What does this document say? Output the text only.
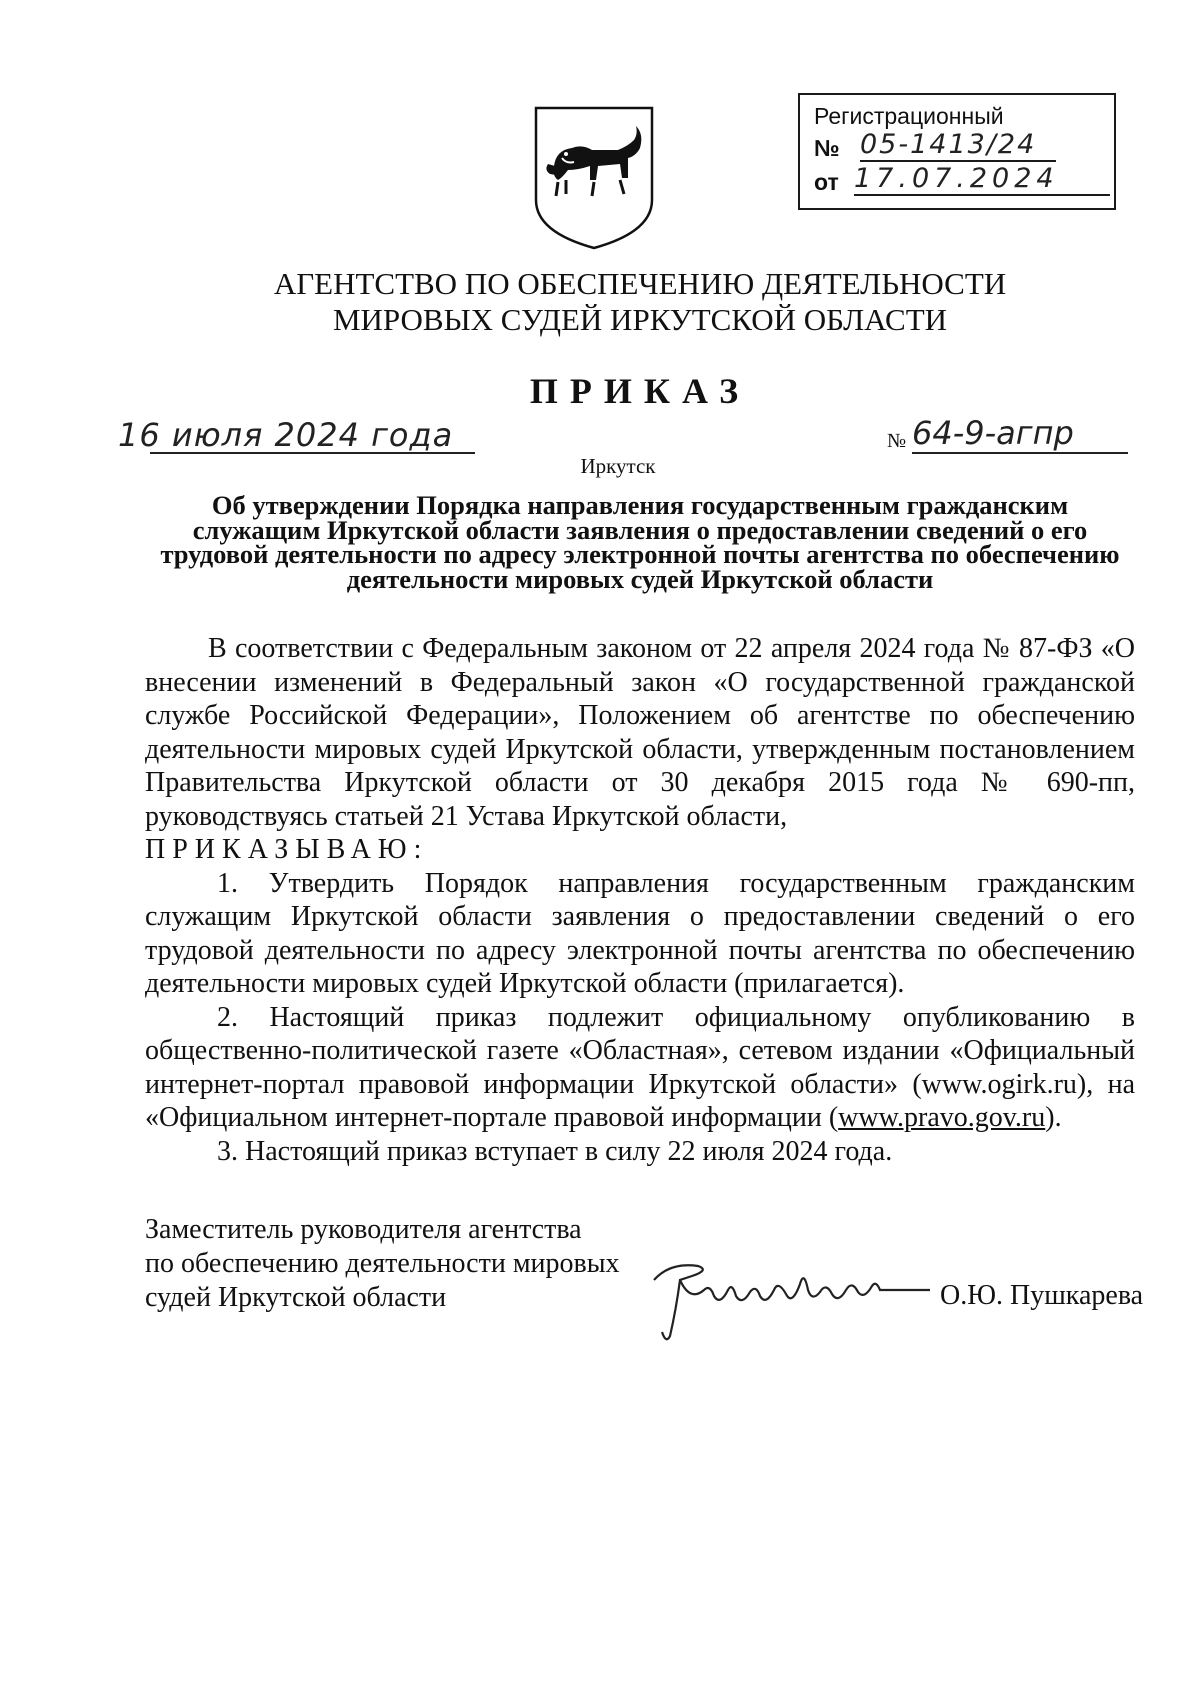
Регистрационный
№ 05-1413/24
от 17.07.2024
АГЕНТСТВО ПО ОБЕСПЕЧЕНИЮ ДЕЯТЕЛЬНОСТИ
МИРОВЫХ СУДЕЙ ИРКУТСКОЙ ОБЛАСТИ
ПРИКАЗ
16 июля 2024 года	№ 64-9-агпр
Иркутск
Об утверждении Порядка направления государственным гражданским служащим Иркутской области заявления о предоставлении сведений о его трудовой деятельности по адресу электронной почты агентства по обеспечению деятельности мировых судей Иркутской области

В соответствии с Федеральным законом от 22 апреля 2024 года № 87-ФЗ «О внесении изменений в Федеральный закон «О государственной гражданской службе Российской Федерации», Положением об агентстве по обеспечению деятельности мировых судей Иркутской области, утвержденным постановлением Правительства Иркутской области от 30 декабря 2015 года № 690-пп, руководствуясь статьей 21 Устава Иркутской области,

ПРИКАЗЫВАЮ:

1. Утвердить Порядок направления государственным гражданским служащим Иркутской области заявления о предоставлении сведений о его трудовой деятельности по адресу электронной почты агентства по обеспечению деятельности мировых судей Иркутской области (прилагается).

2. Настоящий приказ подлежит официальному опубликованию в общественно-политической газете «Областная», сетевом издании «Официальный интернет-портал правовой информации Иркутской области» (www.ogirk.ru), на «Официальном интернет-портале правовой информации (www.pravo.gov.ru).

3. Настоящий приказ вступает в силу 22 июля 2024 года.

Заместитель руководителя агентства
по обеспечению деятельности мировых
судей Иркутской области	О.Ю. Пушкарева
